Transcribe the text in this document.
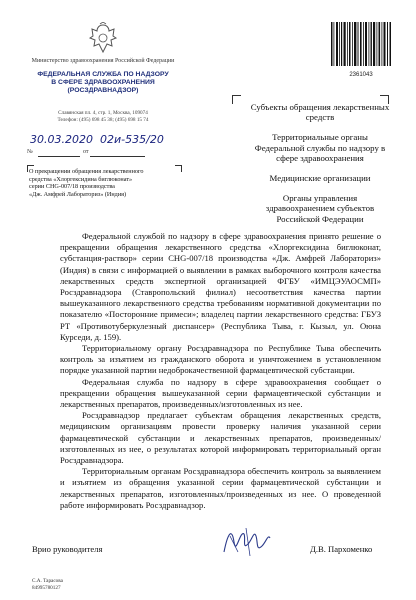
Министерство здравоохранения Российской Федерации
ФЕДЕРАЛЬНАЯ СЛУЖБА ПО НАДЗОРУ
В СФЕРЕ ЗДРАВООХРАНЕНИЯ
(РОСЗДРАВНАДЗОР)
Славянская пл. 4, стр. 1, Москва, 109074
Телефон: (495) 698 45 38; (495) 698 15 74
2361043
30.03.2020 02и-535/20
№	от
О прекращении обращения лекарственного
средства «Хлоргексидина биглюконат»
серии CHG-007/18 производства
«Дж. Амфрей Лабораториз» (Индия)

Субъекты обращения лекарственных средств

Территориальные органы Федеральной службы по надзору в сфере здравоохранения

Медицинские организации

Органы управления здравоохранением субъектов Российской Федерации

Федеральной службой по надзору в сфере здравоохранения принято решение о прекращении обращения лекарственного средства «Хлоргексидина биглюконат, субстанция-раствор» серии CHG-007/18 производства «Дж. Амфрей Лабораториз» (Индия) в связи с информацией о выявлении в рамках выборочного контроля качества лекарственных средств экспертной организацией ФГБУ «ИМЦЭУАОСМП» Росздравнадзора (Ставропольский филиал) несоответствия качества партии вышеуказанного лекарственного средства требованиям нормативной документации по показателю «Посторонние примеси»; владелец партии лекарственного средства: ГБУЗ РТ «Противотуберкулезный диспансер» (Республика Тыва, г. Кызыл, ул. Оюна Курседи, д. 159).

Территориальному органу Росздравнадзора по Республике Тыва обеспечить контроль за изъятием из гражданского оборота и уничтожением в установленном порядке указанной партии недоброкачественной фармацевтической субстанции.

Федеральная служба по надзору в сфере здравоохранения сообщает о прекращении обращения вышеуказанной серии фармацевтической субстанции и лекарственных препаратов, произведенных/изготовленных из нее.

Росздравнадзор предлагает субъектам обращения лекарственных средств, медицинским организациям провести проверку наличия указанной серии фармацевтической субстанции и лекарственных препаратов, произведенных/изготовленных из нее, о результатах которой информировать территориальный орган Росздравнадзора.

Территориальным органам Росздравнадзора обеспечить контроль за выявлением и изъятием из обращения указанной серии фармацевтической субстанции и лекарственных препаратов, изготовленных/произведенных из нее. О проведенной работе информировать Росздравнадзор.

Врио руководителя	Д.В. Пархоменко
С.А. Тарасова
84995780127
